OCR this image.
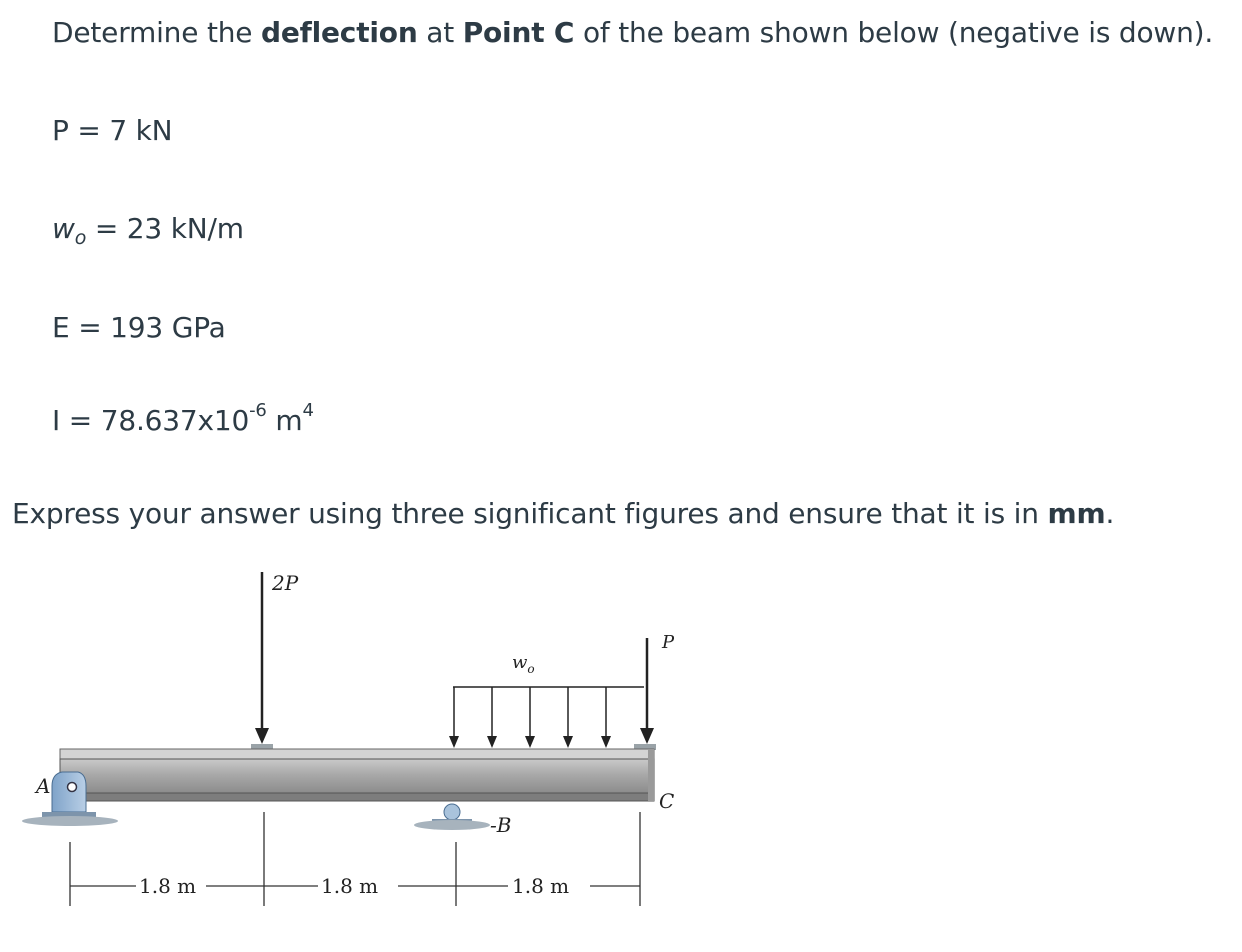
Determine the deflection at Point C of the beam shown below (negative is down).
P = 7 kN
$w_o = 23$ kN/m
E = 193 GPa
$I = 78.637x10^{-6}$ $m^4$
Express your answer using three significant figures and ensure that it is in mm.
2P
$w_o$
P
A
-B
C
1.8 m	1.8 m	1.8 m
